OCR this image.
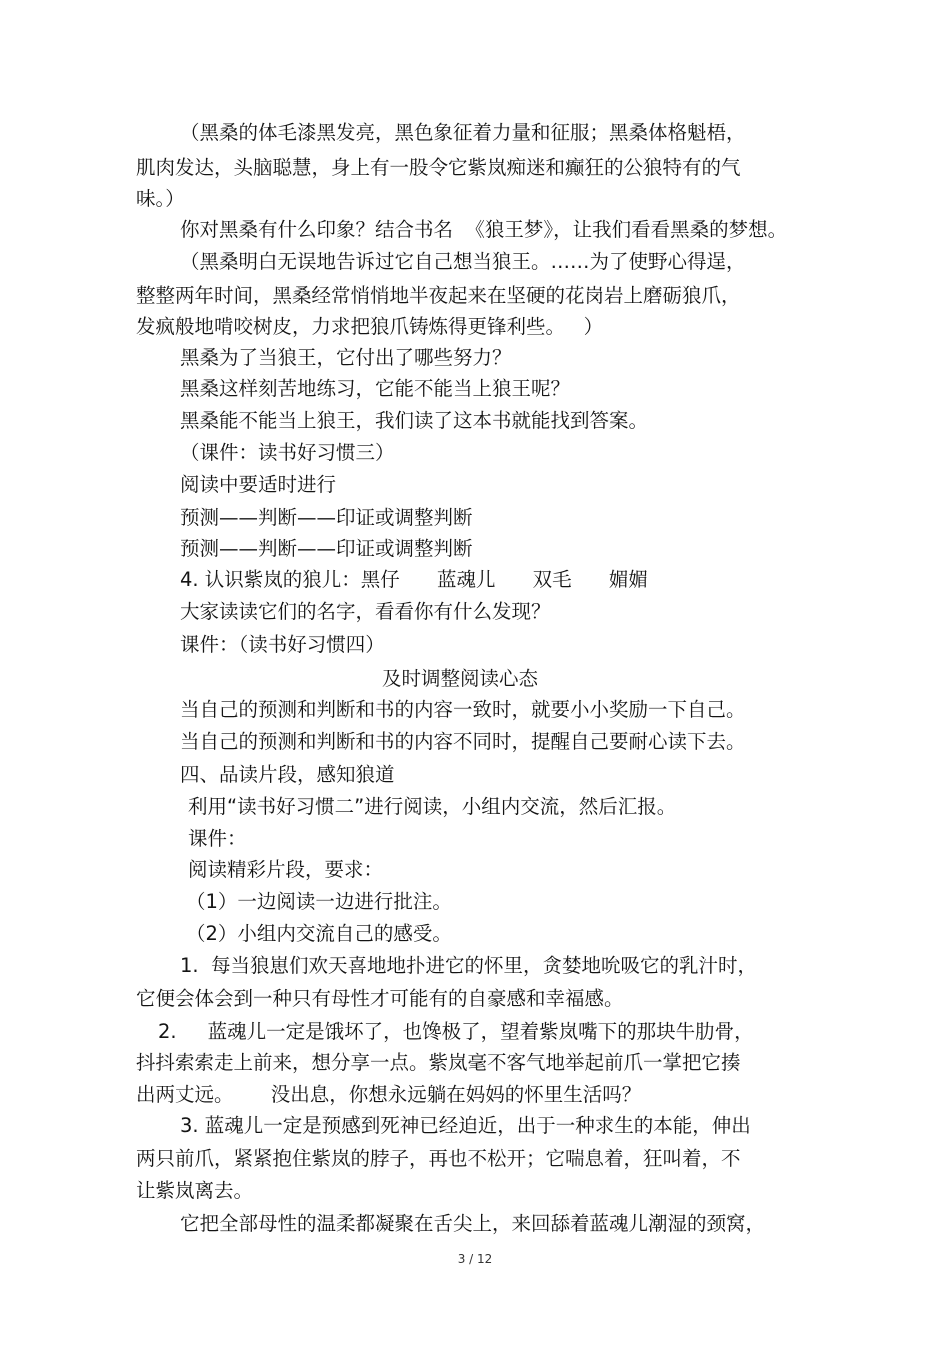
（黑桑的体毛漆黑发亮，黑色象征着力量和征服；黑桑体格魁梧，

肌肉发达，头脑聪慧，身上有一股令它紫岚痴迷和癫狂的公狼特有的气

味。）

你对黑桑有什么印象？结合书名  《狼王梦》，让我们看看黑桑的梦想。

（黑桑明白无误地告诉过它自己想当狼王。……为了使野心得逞，

整整两年时间，黑桑经常悄悄地半夜起来在坚硬的花岗岩上磨砺狼爪，

发疯般地啃咬树皮，力求把狼爪铸炼得更锋利些。   ）

黑桑为了当狼王，它付出了哪些努力？

黑桑这样刻苦地练习，它能不能当上狼王呢？

黑桑能不能当上狼王，我们读了这本书就能找到答案。

（课件：读书好习惯三）

阅读中要适时进行

预测——判断——印证或调整判断

预测——判断——印证或调整判断

4. 认识紫岚的狼儿：黑仔      蓝魂儿      双毛      媚媚

大家读读它们的名字，看看你有什么发现？

课件：（读书好习惯四）

及时调整阅读心态

当自己的预测和判断和书的内容一致时，就要小小奖励一下自己。

当自己的预测和判断和书的内容不同时，提醒自己要耐心读下去。

四、品读片段，感知狼道

利用“读书好习惯二”进行阅读，小组内交流，然后汇报。

课件：

阅读精彩片段，要求：

（1）一边阅读一边进行批注。

（2）小组内交流自己的感受。

1.  每当狼崽们欢天喜地地扑进它的怀里，贪婪地吮吸它的乳汁时，

它便会体会到一种只有母性才可能有的自豪感和幸福感。

2.     蓝魂儿一定是饿坏了，也馋极了，望着紫岚嘴下的那块牛肋骨，

抖抖索索走上前来，想分享一点。紫岚毫不客气地举起前爪一掌把它揍

出两丈远。      没出息，你想永远躺在妈妈的怀里生活吗？

3. 蓝魂儿一定是预感到死神已经迫近，出于一种求生的本能，伸出

两只前爪，紧紧抱住紫岚的脖子，再也不松开；它喘息着，狂叫着，不

让紫岚离去。

它把全部母性的温柔都凝聚在舌尖上，来回舔着蓝魂儿潮湿的颈窝，

3 / 12
